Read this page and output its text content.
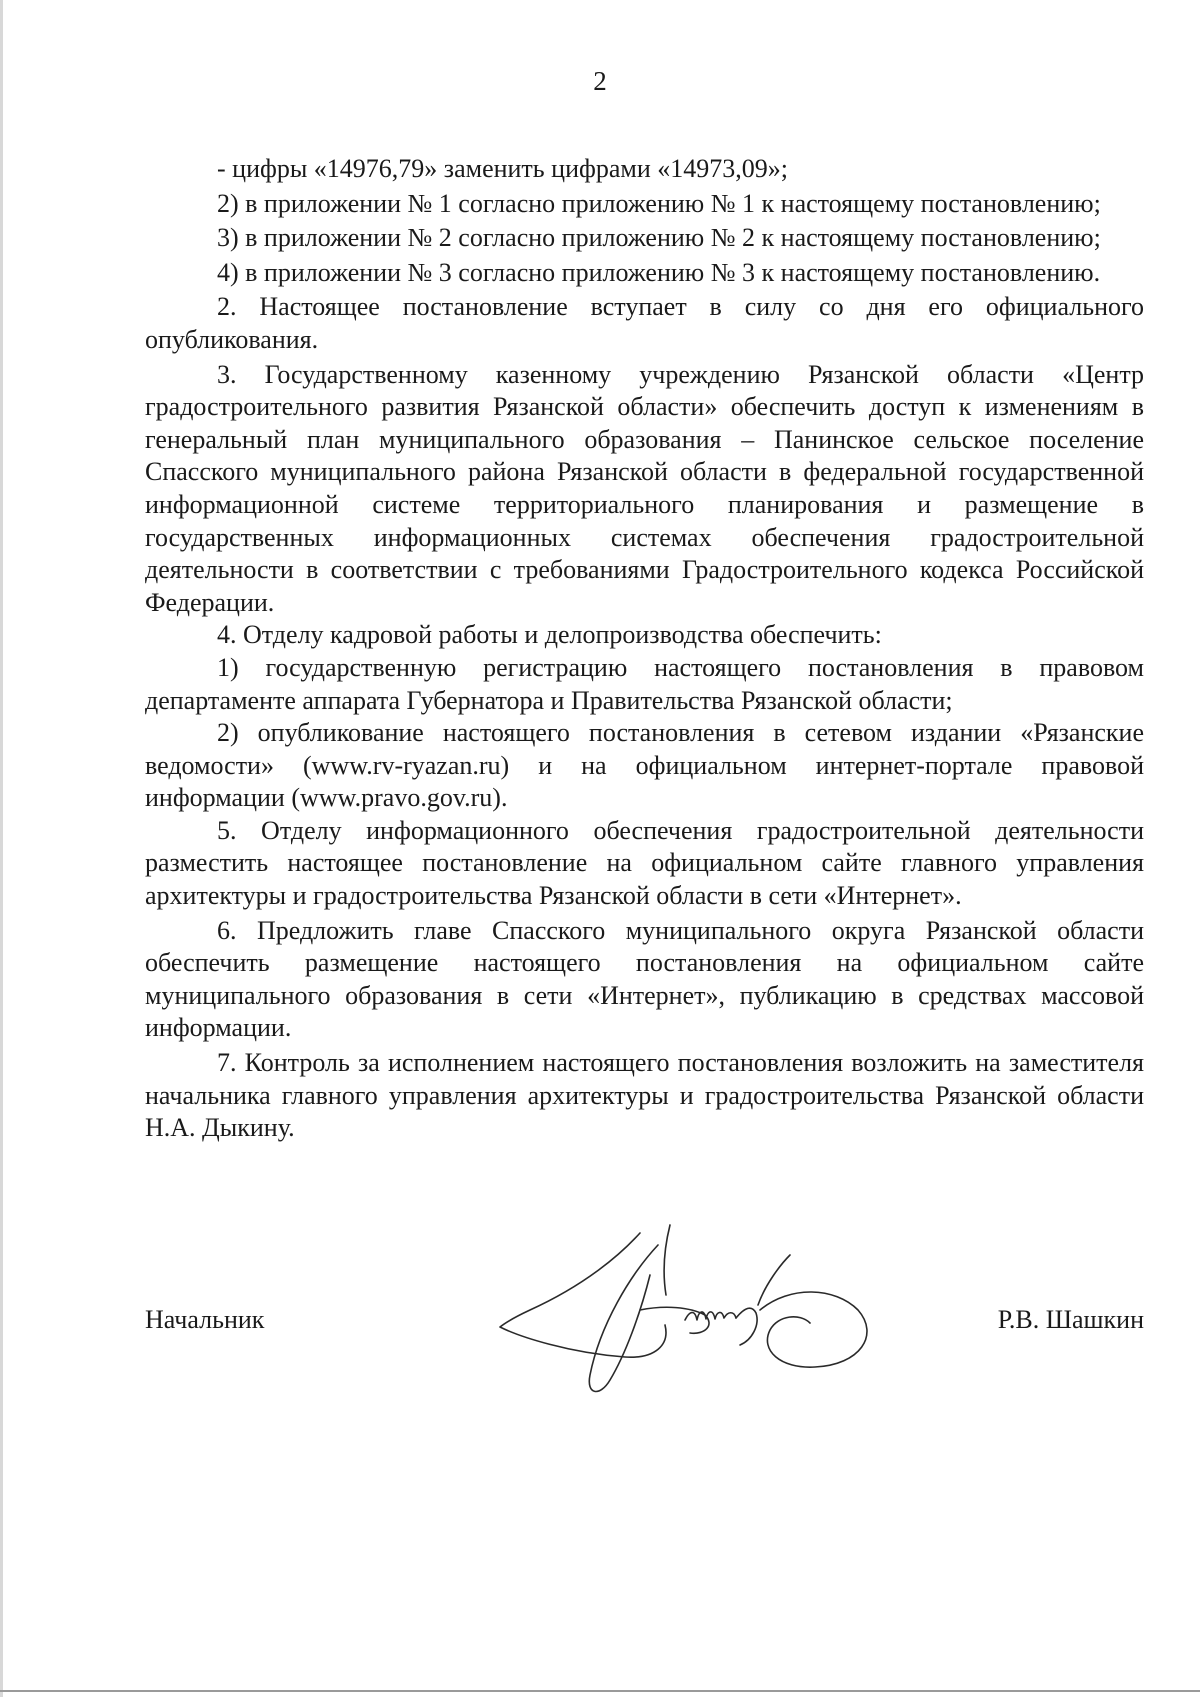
2

- цифры «14976,79» заменить цифрами «14973,09»;

2) в приложении № 1 согласно приложению № 1 к настоящему постановлению;

3) в приложении № 2 согласно приложению № 2 к настоящему постановлению;

4) в приложении № 3 согласно приложению № 3 к настоящему постановлению.

2. Настоящее постановление вступает в силу со дня его официального опубликования.

3. Государственному казенному учреждению Рязанской области «Центр градостроительного развития Рязанской области» обеспечить доступ к изменениям в генеральный план муниципального образования – Панинское сельское поселение Спасского муниципального района Рязанской области в федеральной государственной информационной системе территориального планирования и размещение в государственных информационных системах обеспечения градостроительной деятельности в соответствии с требованиями Градостроительного кодекса Российской Федерации.

4. Отделу кадровой работы и делопроизводства обеспечить:

1) государственную регистрацию настоящего постановления в правовом департаменте аппарата Губернатора и Правительства Рязанской области;

2) опубликование настоящего постановления в сетевом издании «Рязанские ведомости» (www.rv-ryazan.ru) и на официальном интернет-портале правовой информации (www.pravo.gov.ru).

5. Отделу информационного обеспечения градостроительной деятельности разместить настоящее постановление на официальном сайте главного управления архитектуры и градостроительства Рязанской области в сети «Интернет».

6. Предложить главе Спасского муниципального округа Рязанской области обеспечить размещение настоящего постановления на официальном сайте муниципального образования в сети «Интернет», публикацию в средствах массовой информации.

7. Контроль за исполнением настоящего постановления возложить на заместителя начальника главного управления архитектуры и градостроительства Рязанской области Н.А. Дыкину.

Начальник	Р.В. Шашкин
